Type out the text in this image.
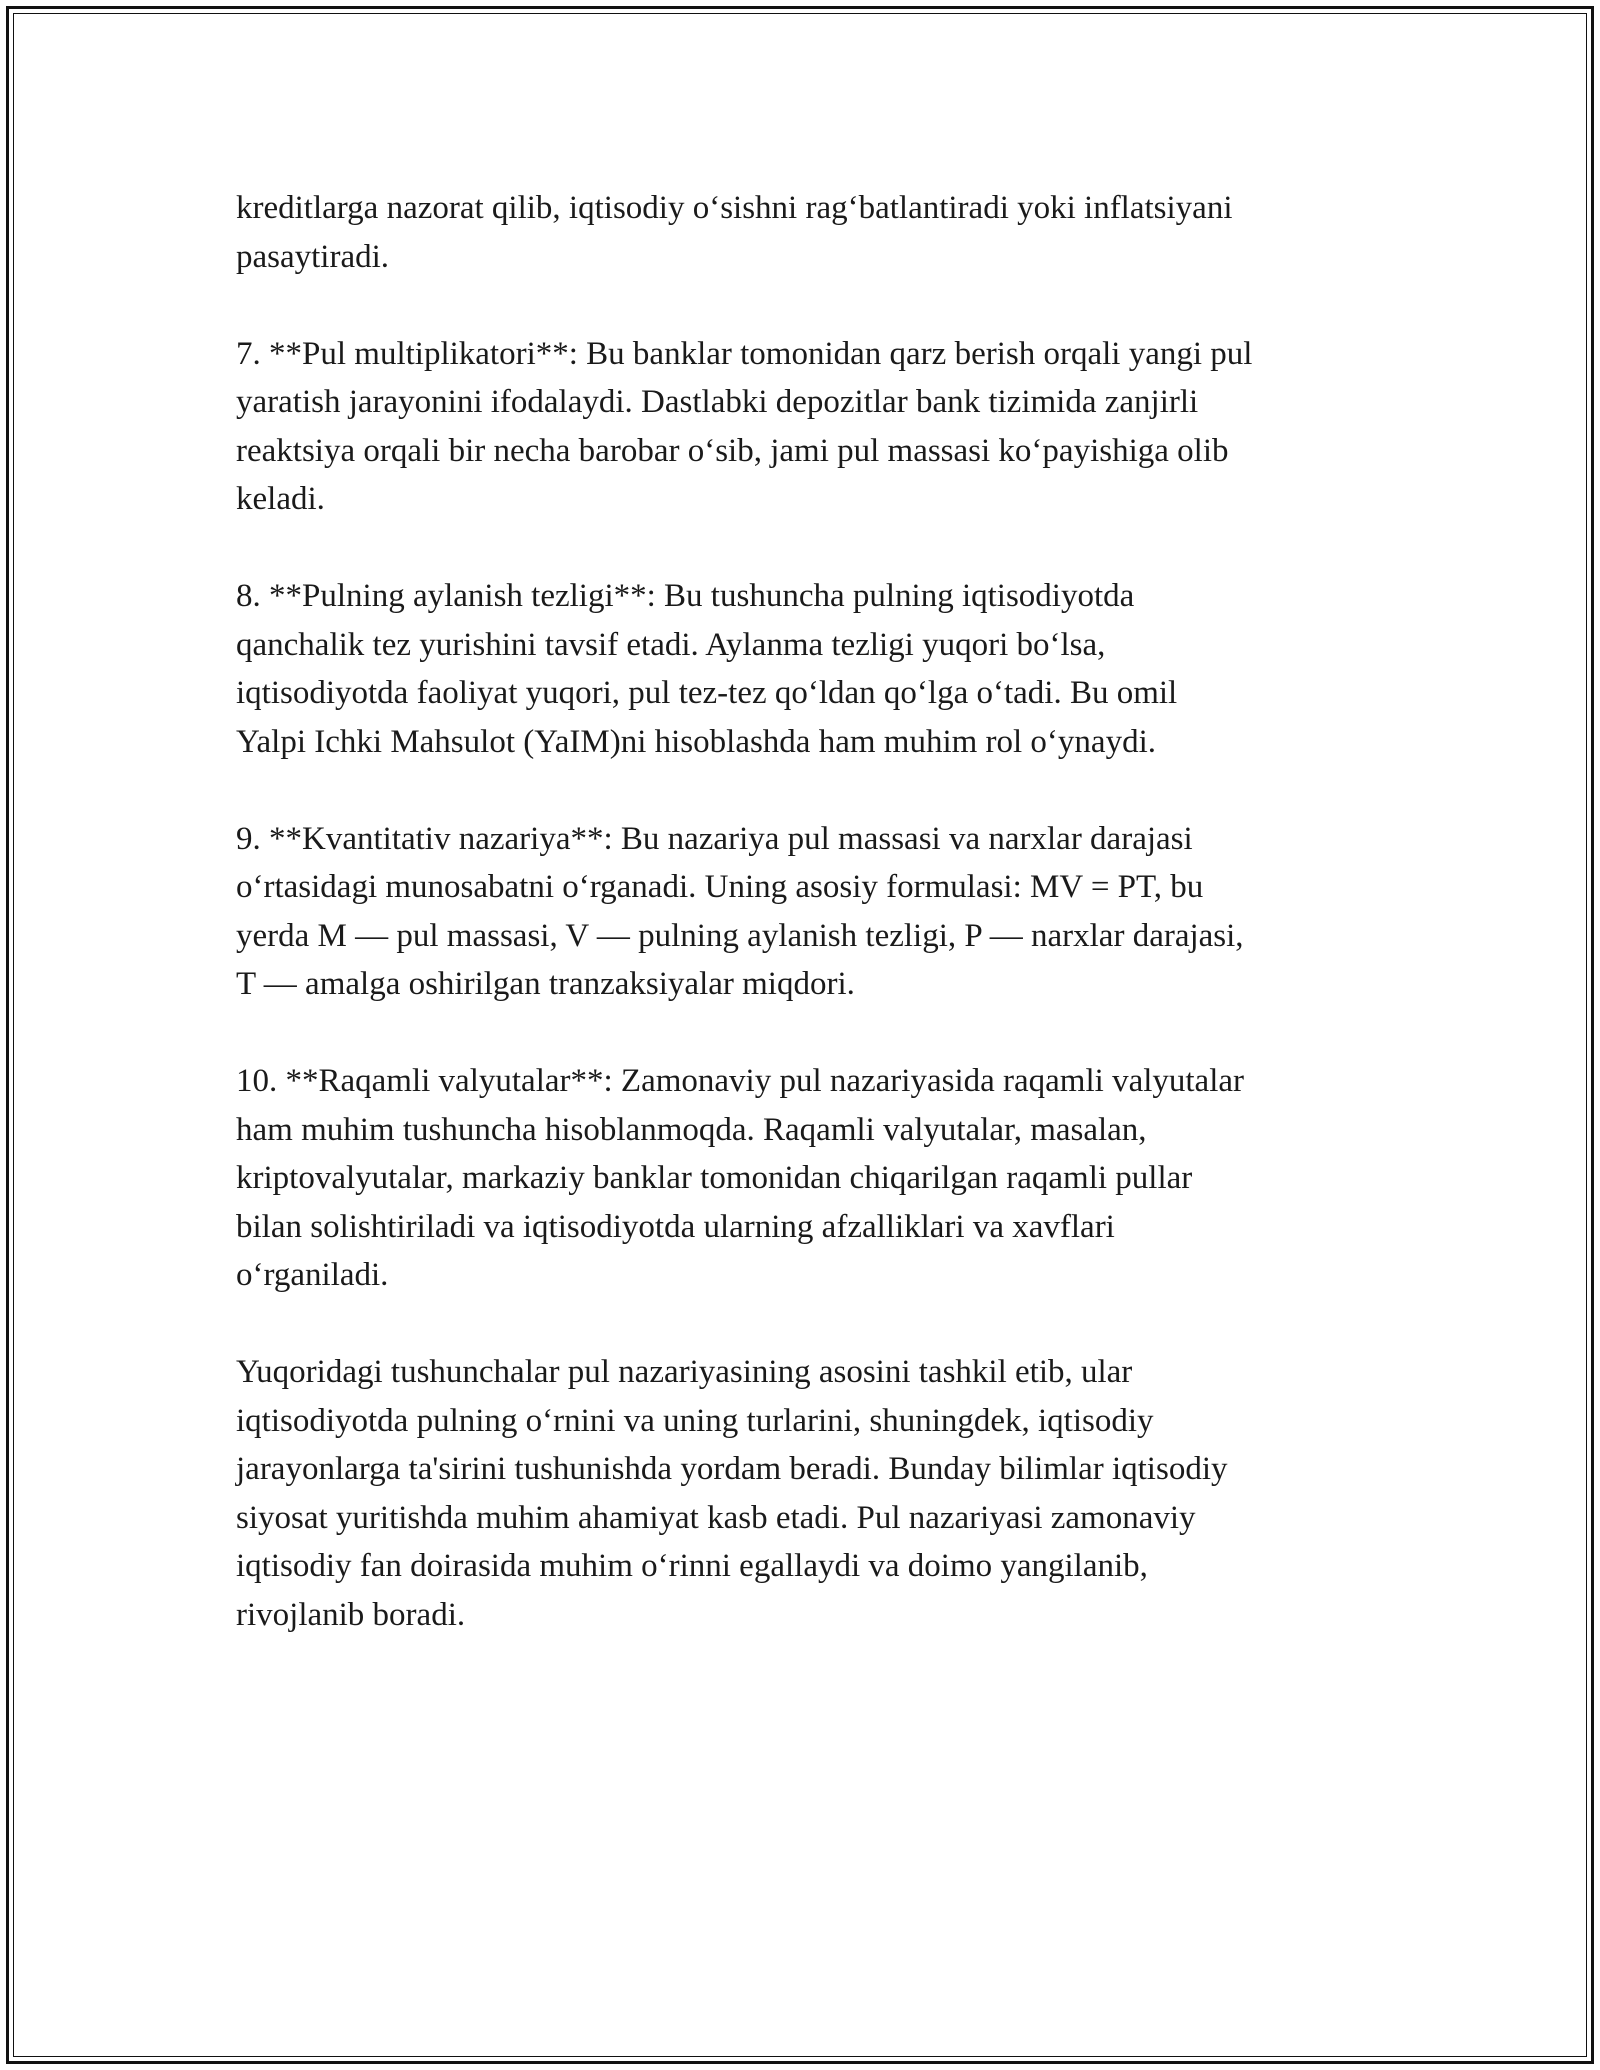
kreditlarga nazorat qilib, iqtisodiy o‘sishni rag‘batlantiradi yoki inflatsiyani
pasaytiradi.

7. **Pul multiplikatori**: Bu banklar tomonidan qarz berish orqali yangi pul
yaratish jarayonini ifodalaydi. Dastlabki depozitlar bank tizimida zanjirli
reaktsiya orqali bir necha barobar o‘sib, jami pul massasi ko‘payishiga olib
keladi.

8. **Pulning aylanish tezligi**: Bu tushuncha pulning iqtisodiyotda
qanchalik tez yurishini tavsif etadi. Aylanma tezligi yuqori bo‘lsa,
iqtisodiyotda faoliyat yuqori, pul tez-tez qo‘ldan qo‘lga o‘tadi. Bu omil
Yalpi Ichki Mahsulot (YaIM)ni hisoblashda ham muhim rol o‘ynaydi.

9. **Kvantitativ nazariya**: Bu nazariya pul massasi va narxlar darajasi
o‘rtasidagi munosabatni o‘rganadi. Uning asosiy formulasi: MV = PT, bu
yerda M — pul massasi, V — pulning aylanish tezligi, P — narxlar darajasi,
T — amalga oshirilgan tranzaksiyalar miqdori.

10. **Raqamli valyutalar**: Zamonaviy pul nazariyasida raqamli valyutalar
ham muhim tushuncha hisoblanmoqda. Raqamli valyutalar, masalan,
kriptovalyutalar, markaziy banklar tomonidan chiqarilgan raqamli pullar
bilan solishtiriladi va iqtisodiyotda ularning afzalliklari va xavflari
o‘rganiladi.

Yuqoridagi tushunchalar pul nazariyasining asosini tashkil etib, ular
iqtisodiyotda pulning o‘rnini va uning turlarini, shuningdek, iqtisodiy
jarayonlarga ta'sirini tushunishda yordam beradi. Bunday bilimlar iqtisodiy
siyosat yuritishda muhim ahamiyat kasb etadi. Pul nazariyasi zamonaviy
iqtisodiy fan doirasida muhim o‘rinni egallaydi va doimo yangilanib,
rivojlanib boradi.
